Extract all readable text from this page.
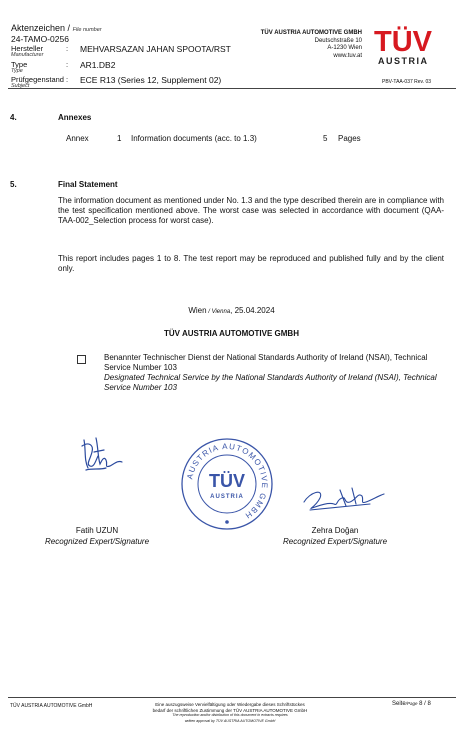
Aktenzeichen / File number
24-TAMO-0256
Hersteller
Manufacturer
: MEHVARSAZAN JAHAN SPOOTA/RST
Type
Type
: AR1.DB2
Prüfgegenstand
Subject
: ECE R13 (Series 12, Supplement 02)
TÜV AUSTRIA AUTOMOTIVE GMBH
Deutschstraße 10
A-1230 Wien
www.tuv.at TÜV
AUSTRIA
PBV-TAA-037 Rev. 03
4.	Annexes
Annex	1 Information documents (acc. to 1.3)	5 Pages
5.	Final Statement
The information document as mentioned under No. 1.3 and the type described therein are in compliance with the test specification mentioned above. The worst case was selected in accordance with document (QAA-TAA-002_Selection process for worst case).
This report includes pages 1 to 8. The test report may be reproduced and published fully and by the client only.
Wien / Vienna, 25.04.2024
TÜV AUSTRIA AUTOMOTIVE GMBH
Benannter Technischer Dienst der National Standards Authority of Ireland (NSAI), Technical Service Number 103
Designated Technical Service by the National Standards Authority of Ireland (NSAI), Technical Service Number 103
AUSTRIA AUTOMOTIVE GMBH
TÜV
AUSTRIA
Fatih UZUN
Recognized Expert/Signature
Zehra Doğan
Recognized Expert/Signature
TÜV AUSTRIA AUTOMOTIVE GmbH	Eine auszugsweise Vervielfältigung oder Wiedergabe dieses Schriftstückes
bedarf der schriftlichen Zustimmung der TÜV AUSTRIA AUTOMOTIVE GmbH
The reproduction and/or distribution of this document in extracts requires
written approval by TÜV AUSTRIA AUTOMOTIVE GmbH
Seite/Page 8 / 8
